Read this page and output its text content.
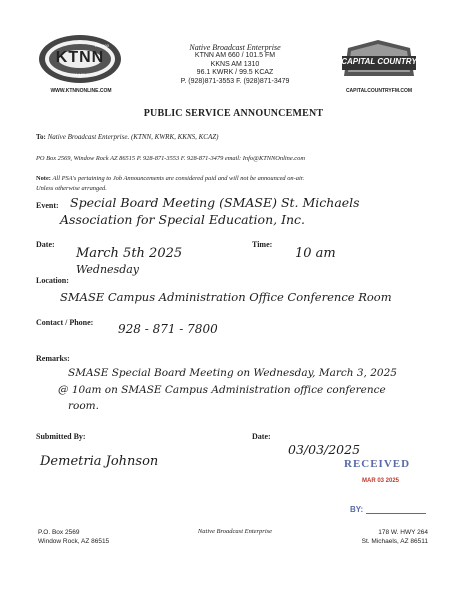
KTNN
AM 660
FM 101.5
WWW.KTNNONLINE.COM
Native Broadcast Enterprise
KTNN AM 660 / 101.5 FM
KKNS AM 1310
96.1 KWRK / 99.5 KCAZ
P. (928)871-3553 F. (928)871-3479
CAPITAL COUNTRY
CAPITALCOUNTRYFM.COM
PUBLIC SERVICE ANNOUNCEMENT
To: Native Broadcast Enterprise. (KTNN, KWRK, KKNS, KCAZ)
PO Box 2569, Window Rock AZ 86515 P. 928-871-3553 F. 928-871-3479 email: Info@KTNNOnline.com
Note: All PSA's pertaining to Job Announcements are considered paid and will not be announced on-air.
Unless otherwise arranged.
Event: Special Board Meeting (SMASE) St. Michaels
Association for Special Education, Inc.
Date:
March 5th 2025
Wednesday
Time:
10 am
Location:
SMASE Campus Administration Office Conference Room
Contact / Phone: 928 - 871 - 7800
Remarks:
SMASE Special Board Meeting on Wednesday, March 3, 2025
@ 10am on SMASE Campus Administration office conference
room.
Submitted By:
Demetria Johnson
Date:
03/03/2025
RECEIVED
MAR 03 2025
BY:
P.O. Box 2569
Window Rock, AZ 86515
Native Broadcast Enterprise	178 W. HWY 264
St. Michaels, AZ 86511
